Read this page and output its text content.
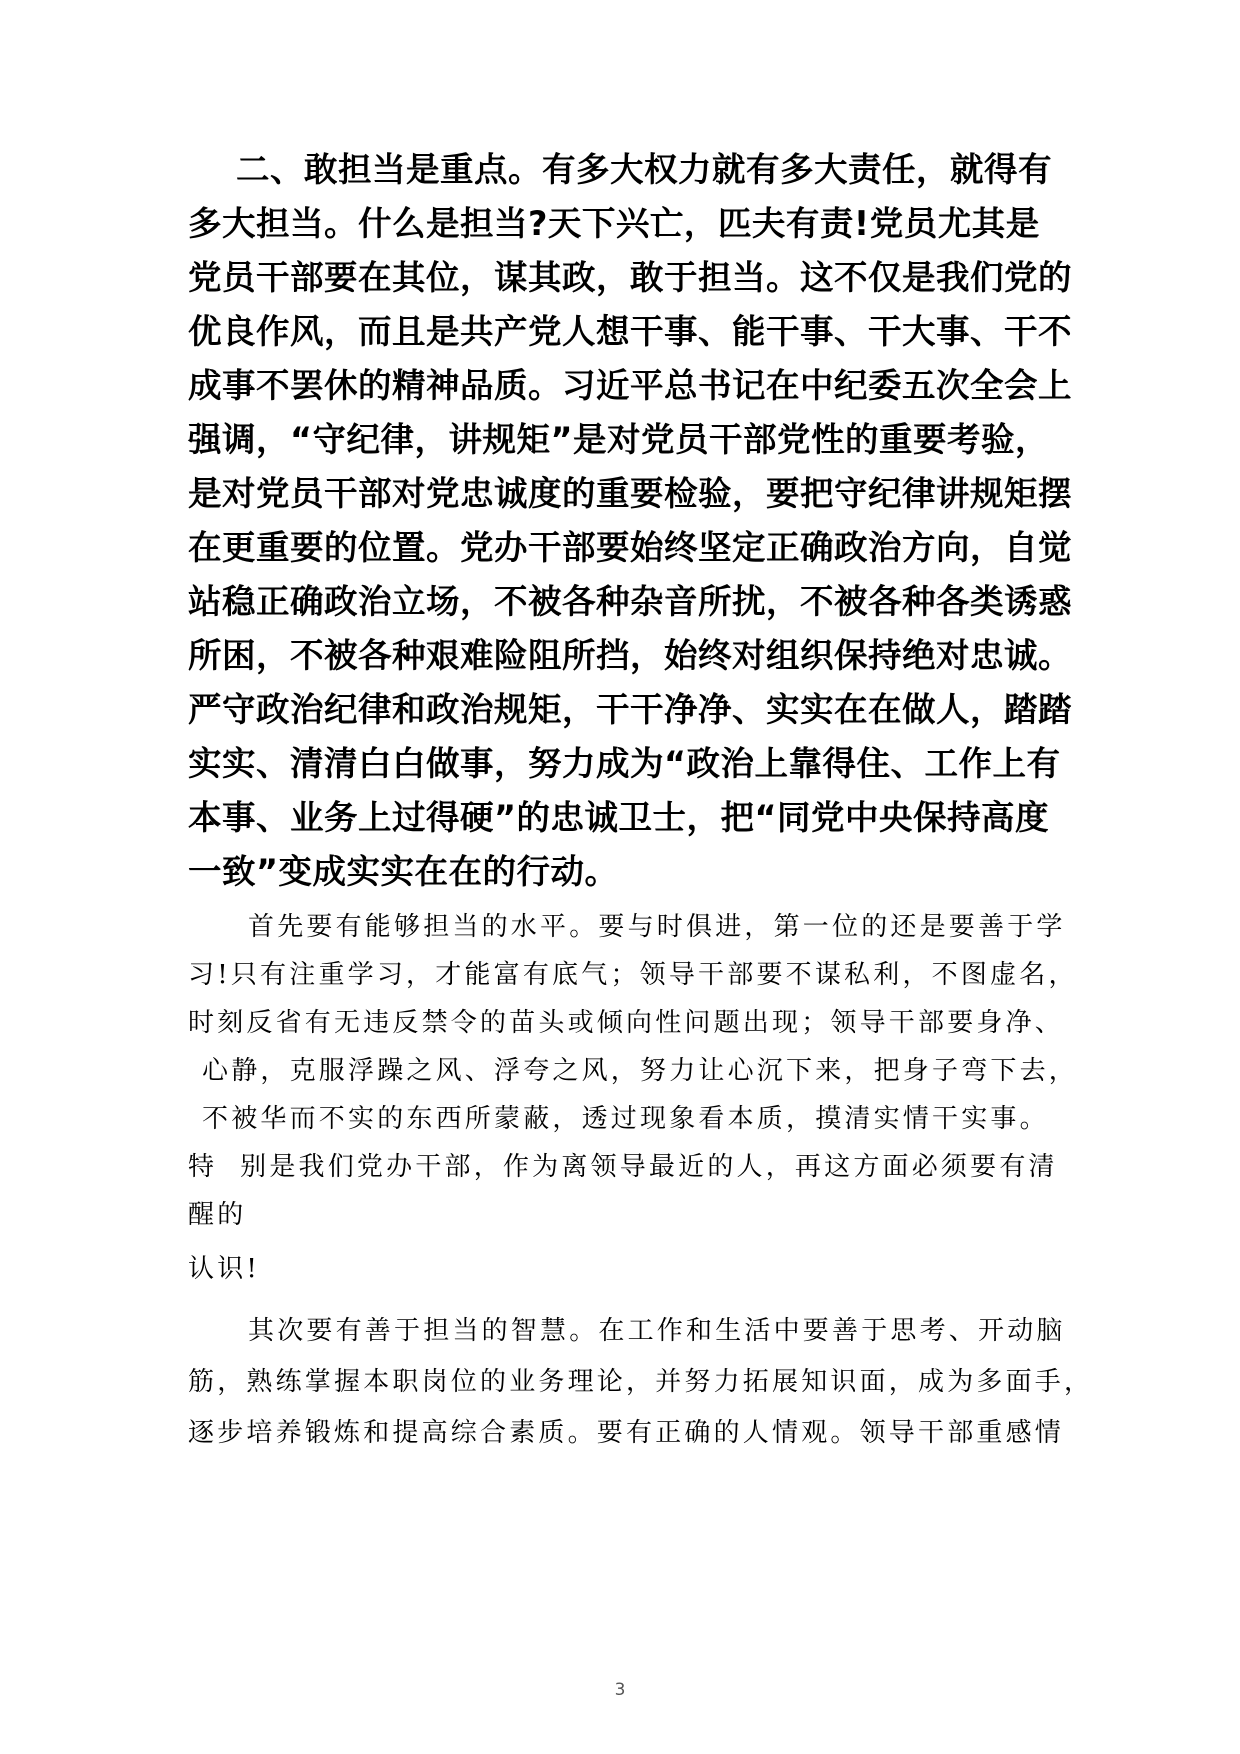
二、敢担当是重点。有多大权力就有多大责任，就得有
多大担当。什么是担当?天下兴亡，匹夫有责!党员尤其是
党员干部要在其位，谋其政，敢于担当。这不仅是我们党的
优良作风，而且是共产党人想干事、能干事、干大事、干不
成事不罢休的精神品质。习近平总书记在中纪委五次全会上
强调，“守纪律，讲规矩”是对党员干部党性的重要考验，
是对党员干部对党忠诚度的重要检验，要把守纪律讲规矩摆
在更重要的位置。党办干部要始终坚定正确政治方向，自觉
站稳正确政治立场，不被各种杂音所扰，不被各种各类诱惑
所困，不被各种艰难险阻所挡，始终对组织保持绝对忠诚。
严守政治纪律和政治规矩，干干净净、实实在在做人，踏踏
实实、清清白白做事，努力成为“政治上靠得住、工作上有
本事、业务上过得硬”的忠诚卫士，把“同党中央保持高度
一致”变成实实在在的行动。
首先要有能够担当的水平。要与时俱进，第一位的还是要善于学
习!只有注重学习，才能富有底气；领导干部要不谋私利，不图虚名，
时刻反省有无违反禁令的苗头或倾向性问题出现；领导干部要身净、
心静，克服浮躁之风、浮夸之风，努力让心沉下来，把身子弯下去，
不被华而不实的东西所蒙蔽，透过现象看本质，摸清实情干实事。
特  别是我们党办干部，作为离领导最近的人，再这方面必须要有清
醒的
认识!
其次要有善于担当的智慧。在工作和生活中要善于思考、开动脑
筋，熟练掌握本职岗位的业务理论，并努力拓展知识面，成为多面手，
逐步培养锻炼和提高综合素质。要有正确的人情观。领导干部重感情
3
